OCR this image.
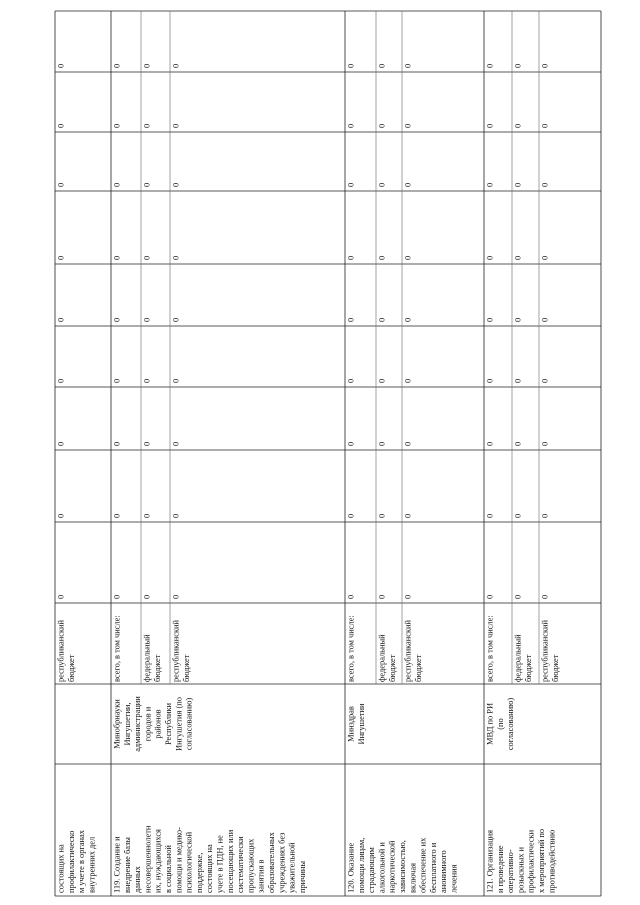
состоящих на профилактическо м учете в органах внутренних дел
республиканский бюджет
0
0
0
0
0
0
0
0
0
119. Создание и внедрение базы данных несовершеннолетн их, нуждающихся в социальной помощи и медико- психологической поддержке, состоящих на учете в ПДН, не посещающих или систематически пропускающих занятия в образовательных учреждениях без уважительной причины
Минобрнауки Ингушетии, администрации городов и районов Республики Ингушетия (по согласованию)
всего, в том числе:
0
0
0
0
0
0
0
0
0
федеральный бюджет
0
0
0
0
0
0
0
0
0
республиканский бюджет
0
0
0
0
0
0
0
0
0
120. Оказание помощи лицам, страдающим алкогольной и наркотической зависимостью, включая обеспечение их бесплатного и анонимного лечения
Минздрав Ингушетии
всего, в том числе:
0
0
0
0
0
0
0
0
0
федеральный бюджет
0
0
0
0
0
0
0
0
0
республиканский бюджет
0
0
0
0
0
0
0
0
0
121. Организация и проведение оперативно- розыскных и профилактически х мероприятий по противодействию
МВД по РИ (по согласованию)
всего, в том числе:
0
0
0
0
0
0
0
0
0
федеральный бюджет
0
0
0
0
0
0
0
0
0
республиканский бюджет
0
0
0
0
0
0
0
0
0
